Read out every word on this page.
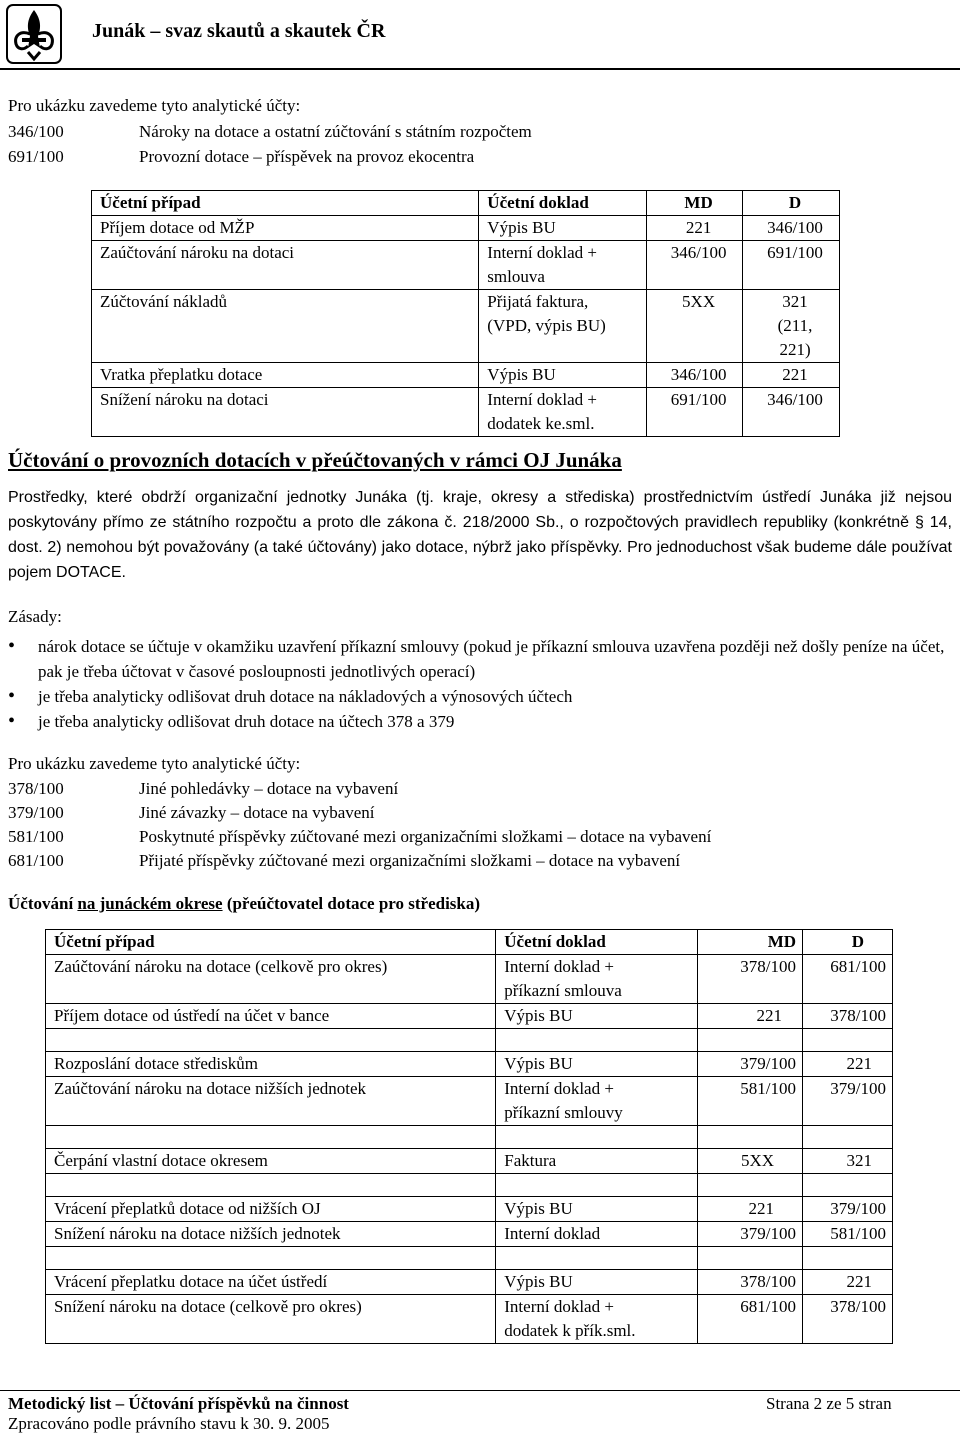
Junák – svaz skautů a skautek ČR
Pro ukázku zavedeme tyto analytické účty:
346/100	Nároky na dotace a ostatní zúčtování s státním rozpočtem
691/100	Provozní dotace – příspěvek na provoz ekocentra
Účetní případ	Účetní doklad	MD	D
Příjem dotace od MŽP	Výpis BU	221	346/100
Zaúčtování nároku na dotaci	Interní doklad + smlouva	346/100	691/100
Zúčtování nákladů	Přijatá faktura, (VPD, výpis BU)	5XX	321 (211, 221)
Vratka přeplatku dotace	Výpis BU	346/100	221
Snížení nároku na dotaci	Interní doklad + dodatek ke.sml.	691/100	346/100
Účtování o provozních dotacích v přeúčtovaných v rámci OJ Junáka
Prostředky, které obdrží organizační jednotky Junáka (tj. kraje, okresy a střediska) prostřednictvím ústředí Junáka již nejsou poskytovány přímo ze státního rozpočtu a proto dle zákona č. 218/2000 Sb., o rozpočtových pravidlech republiky (konkrétně § 14, dost. 2) nemohou být považovány (a také účtovány) jako dotace, nýbrž jako příspěvky. Pro jednoduchost však budeme dále používat pojem DOTACE.
Zásady:
• nárok dotace se účtuje v okamžiku uzavření příkazní smlouvy (pokud je příkazní smlouva uzavřena později než došly peníze na účet, pak je třeba účtovat v časové posloupnosti jednotlivých operací)
• je třeba analyticky odlišovat druh dotace na nákladových a výnosových účtech
• je třeba analyticky odlišovat druh dotace na účtech 378 a 379
Pro ukázku zavedeme tyto analytické účty:
378/100	Jiné pohledávky – dotace na vybavení
379/100	Jiné závazky – dotace na vybavení
581/100	Poskytnuté příspěvky zúčtované mezi organizačními složkami – dotace na vybavení
681/100	Přijaté příspěvky zúčtované mezi organizačními složkami – dotace na vybavení
Účtování na junáckém okrese (přeúčtovatel dotace pro střediska)
Účetní případ	Účetní doklad	MD	D
Zaúčtování nároku na dotace (celkově pro okres)	Interní doklad + příkazní smlouva	378/100	681/100
Příjem dotace od ústředí na účet v bance	Výpis BU	221	378/100

Rozposlání dotace střediskům	Výpis BU	379/100	221
Zaúčtování nároku na dotace nižších jednotek	Interní doklad + příkazní smlouvy	581/100	379/100

Čerpání vlastní dotace okresem	Faktura	5XX	321

Vrácení přeplatků dotace od nižších OJ	Výpis BU	221	379/100
Snížení nároku na dotace nižších jednotek	Interní doklad	379/100	581/100

Vrácení přeplatku dotace na účet ústředí	Výpis BU	378/100	221
Snížení nároku na dotace (celkově pro okres)	Interní doklad + dodatek k přík.sml.	681/100	378/100
Metodický list – Účtování příspěvků na činnost
Zpracováno podle právního stavu k 30. 9. 2005
Strana 2 ze 5 stran
